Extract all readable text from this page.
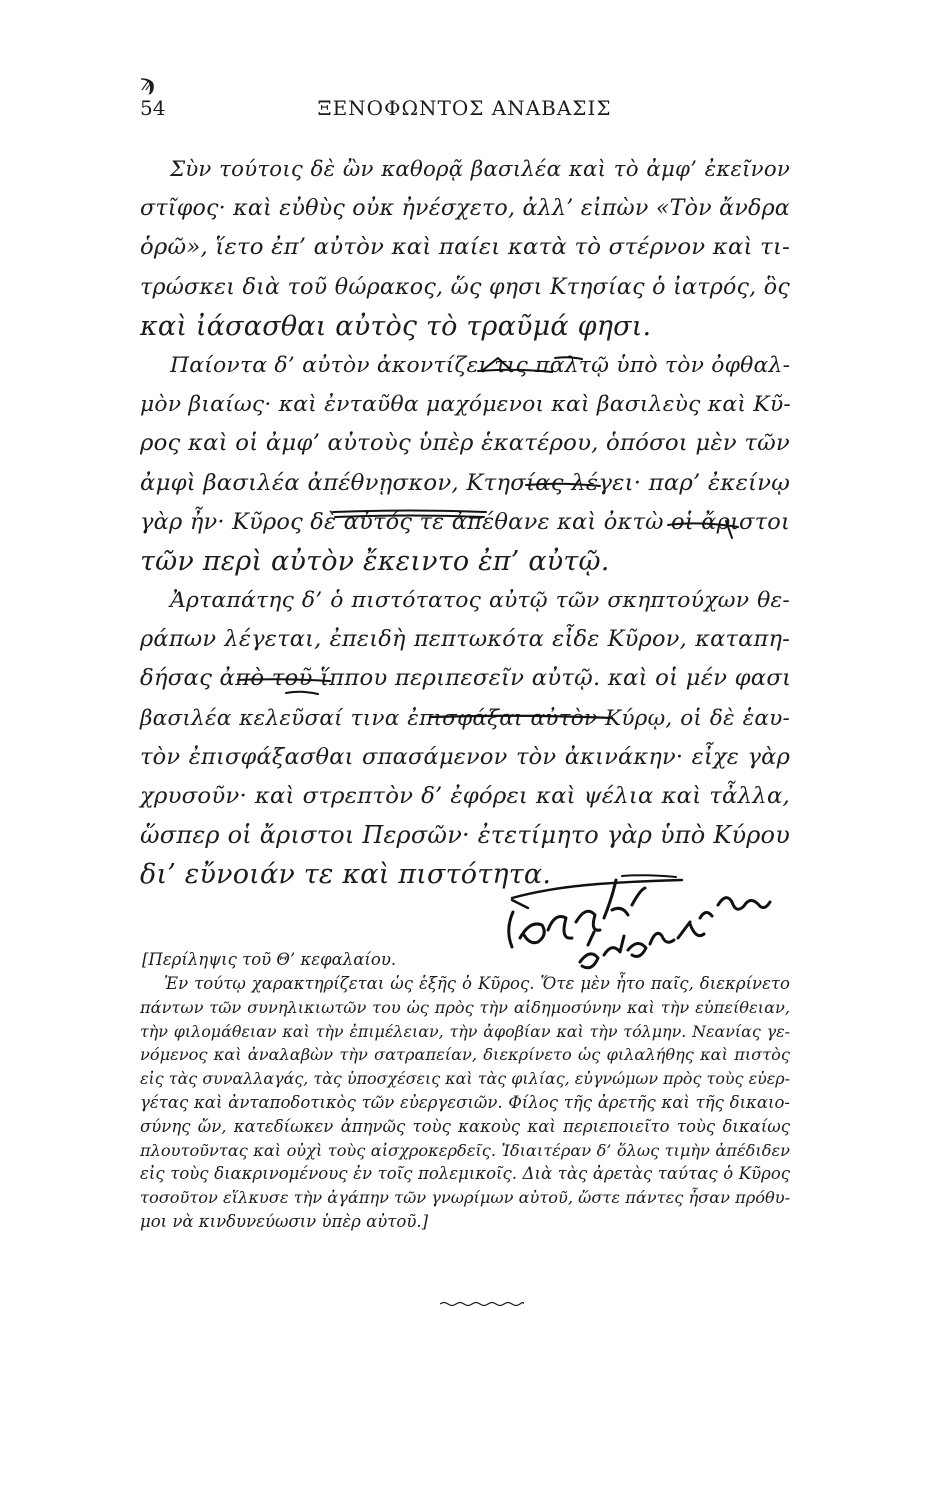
ϡ
54	ΞΕΝΟΦΩΝΤΟΣ ΑΝΑΒΑΣΙΣ
Σὺν τούτοις δὲ ὢν καθορᾷ βασιλέα καὶ τὸ ἀμφ’ ἐκεῖνον
στῖφος· καὶ εὐθὺς οὐκ ἠνέσχετο, ἀλλ’ εἰπὼν «Τὸν ἄνδρα
ὁρῶ», ἵετο ἐπ’ αὐτὸν καὶ παίει κατὰ τὸ στέρνον καὶ τι-
τρώσκει διὰ τοῦ θώρακος, ὥς φησι Κτησίας ὁ ἰατρός, ὃς
καὶ ἰάσασθαι αὐτὸς τὸ τραῦμά φησι.
Παίοντα δ’ αὐτὸν ἀκοντίζει τις παλτῷ ὑπὸ τὸν ὀφθαλ-
μὸν βιαίως· καὶ ἐνταῦθα μαχόμενοι καὶ βασιλεὺς καὶ Κῦ-
ρος καὶ οἱ ἀμφ’ αὐτοὺς ὑπὲρ ἑκατέρου, ὁπόσοι μὲν τῶν
ἀμφὶ βασιλέα ἀπέθνῃσκον, Κτησίας λέγει· παρ’ ἐκείνῳ
γὰρ ἦν· Κῦρος δὲ αὐτός τε ἀπέθανε καὶ ὀκτὼ οἱ ἄριστοι
τῶν περὶ αὐτὸν ἔκειντο ἐπ’ αὐτῷ.
Ἀρταπάτης δ’ ὁ πιστότατος αὐτῷ τῶν σκηπτούχων θε-
ράπων λέγεται, ἐπειδὴ πεπτωκότα εἶδε Κῦρον, καταπη-
δήσας ἀπὸ τοῦ ἵππου περιπεσεῖν αὐτῷ. καὶ οἱ μέν φασι
βασιλέα κελεῦσαί τινα ἐπισφάξαι αὐτὸν Κύρῳ, οἱ δὲ ἑαυ-
τὸν ἐπισφάξασθαι σπασάμενον τὸν ἀκινάκην· εἶχε γὰρ
χρυσοῦν· καὶ στρεπτὸν δ’ ἐφόρει καὶ ψέλια καὶ τἆλλα,
ὥσπερ οἱ ἄριστοι Περσῶν· ἐτετίμητο γὰρ ὑπὸ Κύρου
δι’ εὔνοιάν τε καὶ πιστότητα.
[Περίληψις τοῦ Θ’ κεφαλαίου.
Ἐν τούτῳ χαρακτηρίζεται ὡς ἑξῆς ὁ Κῦρος. Ὅτε μὲν ἦτο παῖς, διεκρίνετο
πάντων τῶν συνηλικιωτῶν του ὡς πρὸς τὴν αἰδημοσύνην καὶ τὴν εὐπείθειαν,
τὴν φιλομάθειαν καὶ τὴν ἐπιμέλειαν, τὴν ἀφοβίαν καὶ τὴν τόλμην. Νεανίας γε-
νόμενος καὶ ἀναλαβὼν τὴν σατραπείαν, διεκρίνετο ὡς φιλαλήθης καὶ πιστὸς
εἰς τὰς συναλλαγάς, τὰς ὑποσχέσεις καὶ τὰς φιλίας, εὐγνώμων πρὸς τοὺς εὐερ-
γέτας καὶ ἀνταποδοτικὸς τῶν εὐεργεσιῶν. Φίλος τῆς ἀρετῆς καὶ τῆς δικαιο-
σύνης ὤν, κατεδίωκεν ἀπηνῶς τοὺς κακοὺς καὶ περιεποιεῖτο τοὺς δικαίως
πλουτοῦντας καὶ οὐχὶ τοὺς αἰσχροκερδεῖς. Ἰδιαιτέραν δ’ ὅλως τιμὴν ἀπέδιδεν
εἰς τοὺς διακρινομένους ἐν τοῖς πολεμικοῖς. Διὰ τὰς ἀρετὰς ταύτας ὁ Κῦρος
τοσοῦτον εἵλκυσε τὴν ἀγάπην τῶν γνωρίμων αὐτοῦ, ὥστε πάντες ἦσαν πρόθυ-
μοι νὰ κινδυνεύωσιν ὑπὲρ αὐτοῦ.]
